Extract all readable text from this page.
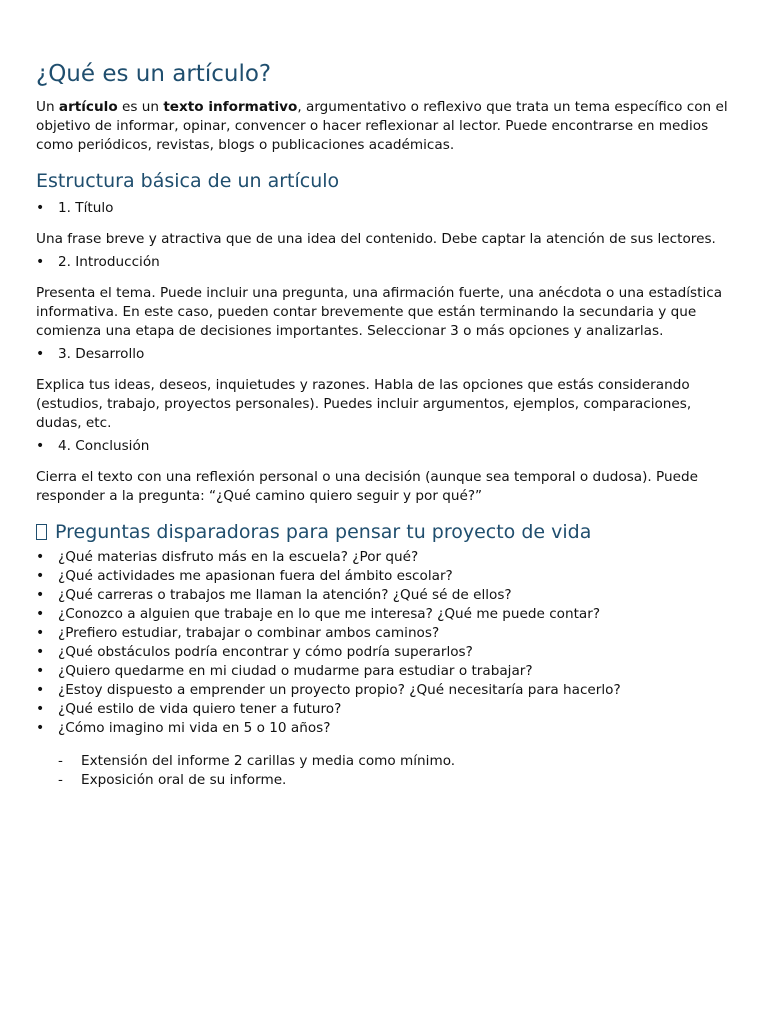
¿Qué es un artículo?

Un artículo es un texto informativo, argumentativo o reflexivo que trata un tema específico con el objetivo de informar, opinar, convencer o hacer reflexionar al lector. Puede encontrarse en medios como periódicos, revistas, blogs o publicaciones académicas.

Estructura básica de un artículo
•
1. Título

Una frase breve y atractiva que de una idea del contenido. Debe captar la atención de sus lectores.

•
2. Introducción

Presenta el tema. Puede incluir una pregunta, una afirmación fuerte, una anécdota o una estadística informativa. En este caso, pueden contar brevemente que están terminando la secundaria y que comienza una etapa de decisiones importantes. Seleccionar 3 o más opciones y analizarlas.

•
3. Desarrollo

Explica tus ideas, deseos, inquietudes y razones. Habla de las opciones que estás considerando (estudios, trabajo, proyectos personales). Puedes incluir argumentos, ejemplos, comparaciones, dudas, etc.

•
4. Conclusión

Cierra el texto con una reflexión personal o una decisión (aunque sea temporal o dudosa). Puede responder a la pregunta: “¿Qué camino quiero seguir y por qué?”

Preguntas disparadoras para pensar tu proyecto de vida
•
¿Qué materias disfruto más en la escuela? ¿Por qué?
•
¿Qué actividades me apasionan fuera del ámbito escolar?
•
¿Qué carreras o trabajos me llaman la atención? ¿Qué sé de ellos?
•
¿Conozco a alguien que trabaje en lo que me interesa? ¿Qué me puede contar?
•
¿Prefiero estudiar, trabajar o combinar ambos caminos?
•
¿Qué obstáculos podría encontrar y cómo podría superarlos?
•
¿Quiero quedarme en mi ciudad o mudarme para estudiar o trabajar?
•
¿Estoy dispuesto a emprender un proyecto propio? ¿Qué necesitaría para hacerlo?
•
¿Qué estilo de vida quiero tener a futuro?
•
¿Cómo imagino mi vida en 5 o 10 años?
-	Extensión del informe 2 carillas y media como mínimo.
-	Exposición oral de su informe.
